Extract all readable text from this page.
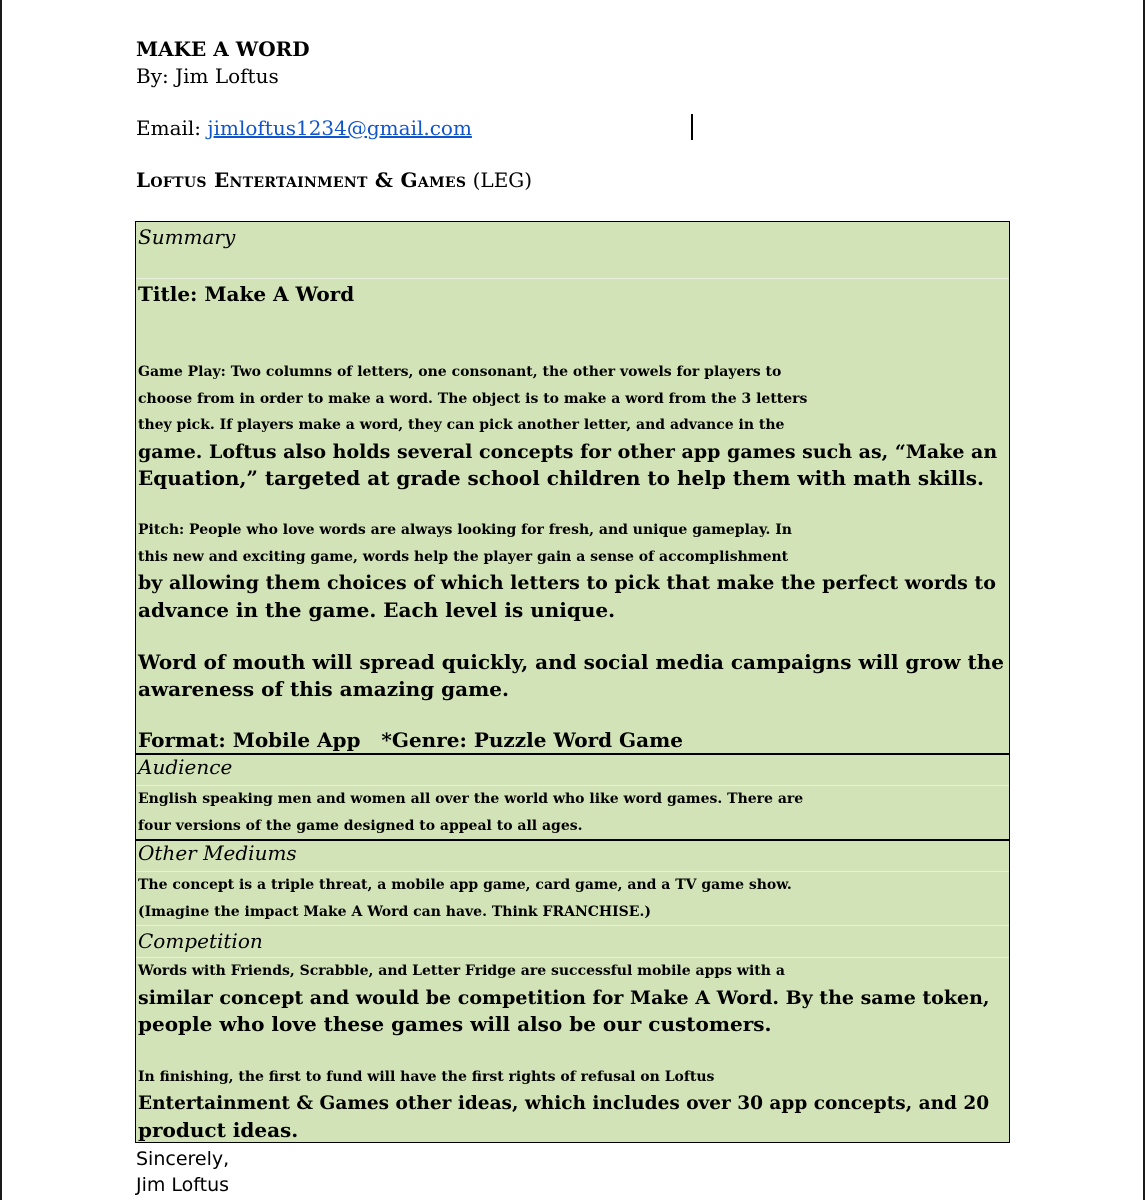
MAKE A WORD
By: Jim Loftus
Email: jimloftus1234@gmail.com
Loftus Entertainment & Games (LEG)
Summary
Title: Make A Word

Game Play: Two columns of letters, one consonant, the other vowels for players to

choose from in order to make a word. The object is to make a word from the 3 letters

they pick. If players make a word, they can pick another letter, and advance in the

game. Loftus also holds several concepts for other app games such as, “Make an

Equation,” targeted at grade school children to help them with math skills.

Pitch: People who love words are always looking for fresh, and unique gameplay. In

this new and exciting game, words help the player gain a sense of accomplishment

by allowing them choices of which letters to pick that make the perfect words to

advance in the game. Each level is unique.

Word of mouth will spread quickly, and social media campaigns will grow the

awareness of this amazing game.

Format: Mobile App   *Genre: Puzzle Word Game
Audience

English speaking men and women all over the world who like word games. There are

four versions of the game designed to appeal to all ages.

Other Mediums

The concept is a triple threat, a mobile app game, card game, and a TV game show.

(Imagine the impact Make A Word can have. Think FRANCHISE.)

Competition

Words with Friends, Scrabble, and Letter Fridge are successful mobile apps with a

similar concept and would be competition for Make A Word. By the same token,

people who love these games will also be our customers.

In finishing, the first to fund will have the first rights of refusal on Loftus

Entertainment & Games other ideas, which includes over 30 app concepts, and 20

product ideas.

Sincerely,
Jim Loftus
